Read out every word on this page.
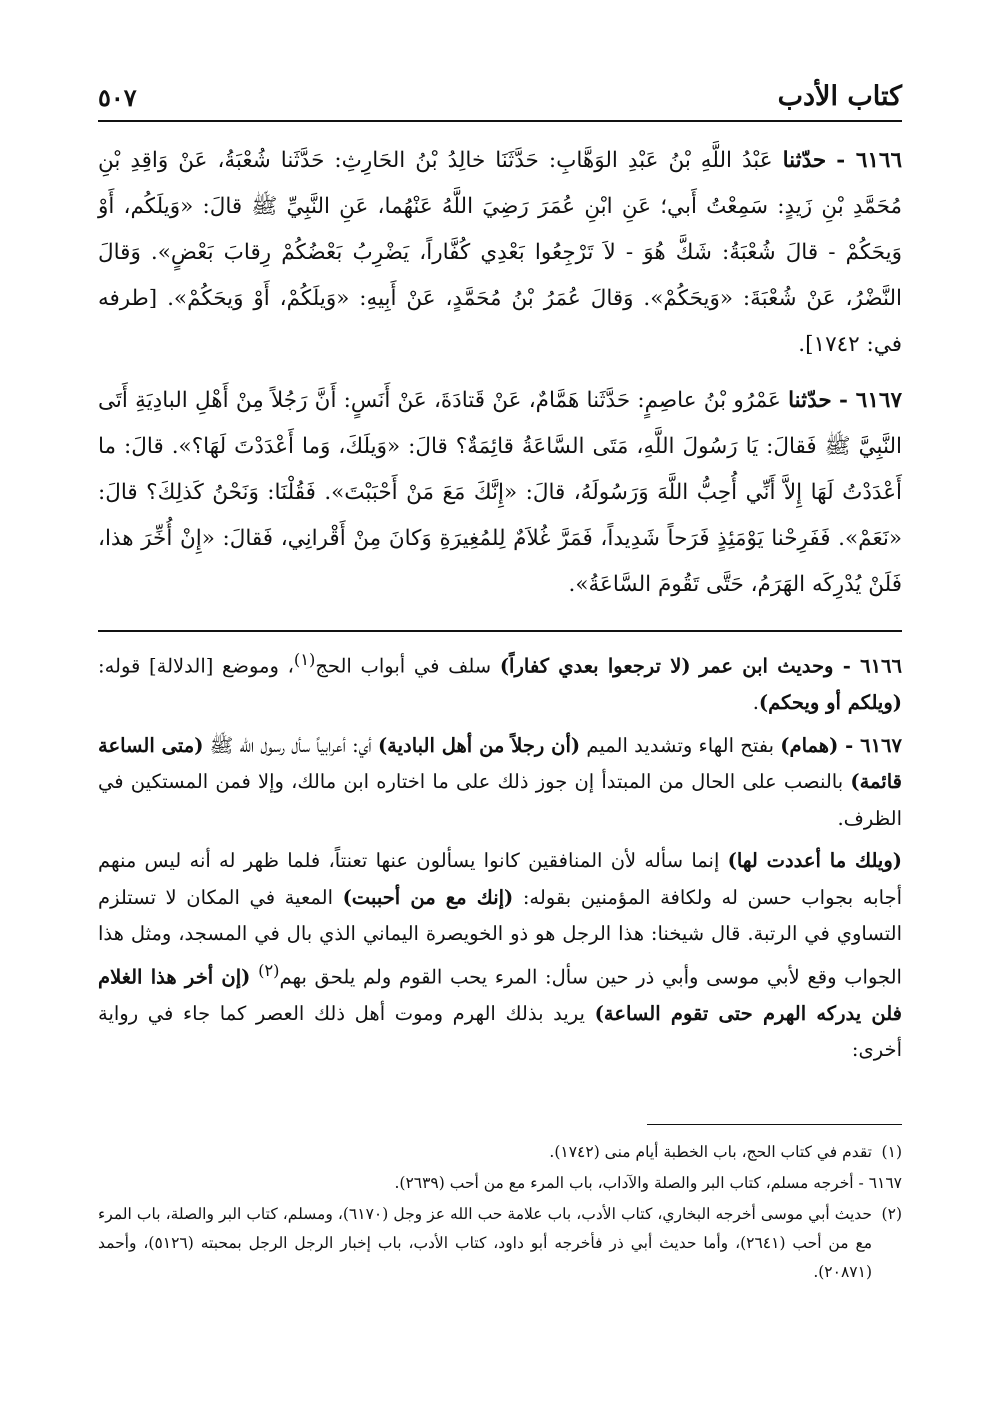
كتاب الأدب
٥٠٧

٦١٦٦ - حدّثنا عَبْدُ اللَّهِ بْنُ عَبْدِ الوَهَّابِ: حَدَّثَنَا خالِدُ بْنُ الحَارِثِ: حَدَّثَنا شُعْبَةُ، عَنْ وَاقِدِ بْنِ مُحَمَّدِ بْنِ زَيدٍ: سَمِعْتُ أَبي؛ عَنِ ابْنِ عُمَرَ رَضِيَ اللَّهُ عَنْهُما، عَنِ النَّبِيِّ ﷺ قالَ: «وَيلَكُم، أَوْ وَيحَكُمْ - قالَ شُعْبَةُ: شَكَّ هُوَ - لاَ تَرْجِعُوا بَعْدِي كُفَّاراً، يَضْرِبُ بَعْضُكُمْ رِقابَ بَعْضٍ». وَقالَ النَّضْرُ، عَنْ شُعْبَةَ: «وَيحَكُمْ». وَقالَ عُمَرُ بْنُ مُحَمَّدٍ، عَنْ أَبِيهِ: «وَيلَكُمْ، أَوْ وَيحَكُمْ». [طرفه في: ١٧٤٢].

٦١٦٧ - حدّثنا عَمْرُو بْنُ عاصِمٍ: حَدَّثَنا هَمَّامٌ، عَنْ قَتادَةَ، عَنْ أَنَسٍ: أَنَّ رَجُلاً مِنْ أَهْلِ البادِيَةِ أَتَى النَّبِيَّ ﷺ فَقالَ: يَا رَسُولَ اللَّهِ، مَتَى السَّاعَةُ قائِمَةٌ؟ قالَ: «وَيلَكَ، وَما أَعْدَدْتَ لَهَا؟». قالَ: ما أَعْدَدْتُ لَهَا إِلاَّ أَنِّي أُحِبُّ اللَّهَ وَرَسُولَهُ، قالَ: «إِنَّكَ مَعَ مَنْ أَحْبَبْتَ». فَقُلْنَا: وَنَحْنُ كَذلِكَ؟ قالَ: «نَعَمْ». فَفَرِحْنا يَوْمَئِذٍ فَرَحاً شَدِيداً، فَمَرَّ غُلاَمٌ لِلمُغِيرَةِ وَكانَ مِنْ أَقْرانِي، فَقالَ: «إِنْ أُخِّرَ هذا، فَلَنْ يُدْرِكَه الهَرَمُ، حَتَّى تَقُومَ السَّاعَةُ».

٦١٦٦ - وحديث ابن عمر (لا ترجعوا بعدي كفاراً) سلف في أبواب الحج$^{(١)}$، وموضع [الدلالة] قوله: (ويلكم أو ويحكم).

٦١٦٧ - (همام) بفتح الهاء وتشديد الميم (أن رجلاً من أهل البادية) أي: أعرابياً سأل رسول الله ﷺ (متى الساعة قائمة) بالنصب على الحال من المبتدأ إن جوز ذلك على ما اختاره ابن مالك، وإلا فمن المستكين في الظرف.

(ويلك ما أعددت لها) إنما سأله لأن المنافقين كانوا يسألون عنها تعنتاً، فلما ظهر له أنه ليس منهم أجابه بجواب حسن له ولكافة المؤمنين بقوله: (إنك مع من أحببت) المعية في المكان لا تستلزم التساوي في الرتبة. قال شيخنا: هذا الرجل هو ذو الخويصرة اليماني الذي بال في المسجد، ومثل هذا الجواب وقع لأبي موسى وأبي ذر حين سأل: المرء يحب القوم ولم يلحق بهم$^{(٢)}$ (إن أخر هذا الغلام فلن يدركه الهرم حتى تقوم الساعة) يريد بذلك الهرم وموت أهل ذلك العصر كما جاء في رواية أخرى:

(١)
تقدم في كتاب الحج، باب الخطبة أيام منى (١٧٤٢).
٦١٦٧ - أخرجه مسلم، كتاب البر والصلة والآداب، باب المرء مع من أحب (٢٦٣٩).
(٢)
حديث أبي موسى أخرجه البخاري، كتاب الأدب، باب علامة حب الله عز وجل (٦١٧٠)، ومسلم، كتاب البر والصلة، باب المرء مع من أحب (٢٦٤١)، وأما حديث أبي ذر فأخرجه أبو داود، كتاب الأدب، باب إخبار الرجل الرجل بمحبته (٥١٢٦)، وأحمد (٢٠٨٧١).
